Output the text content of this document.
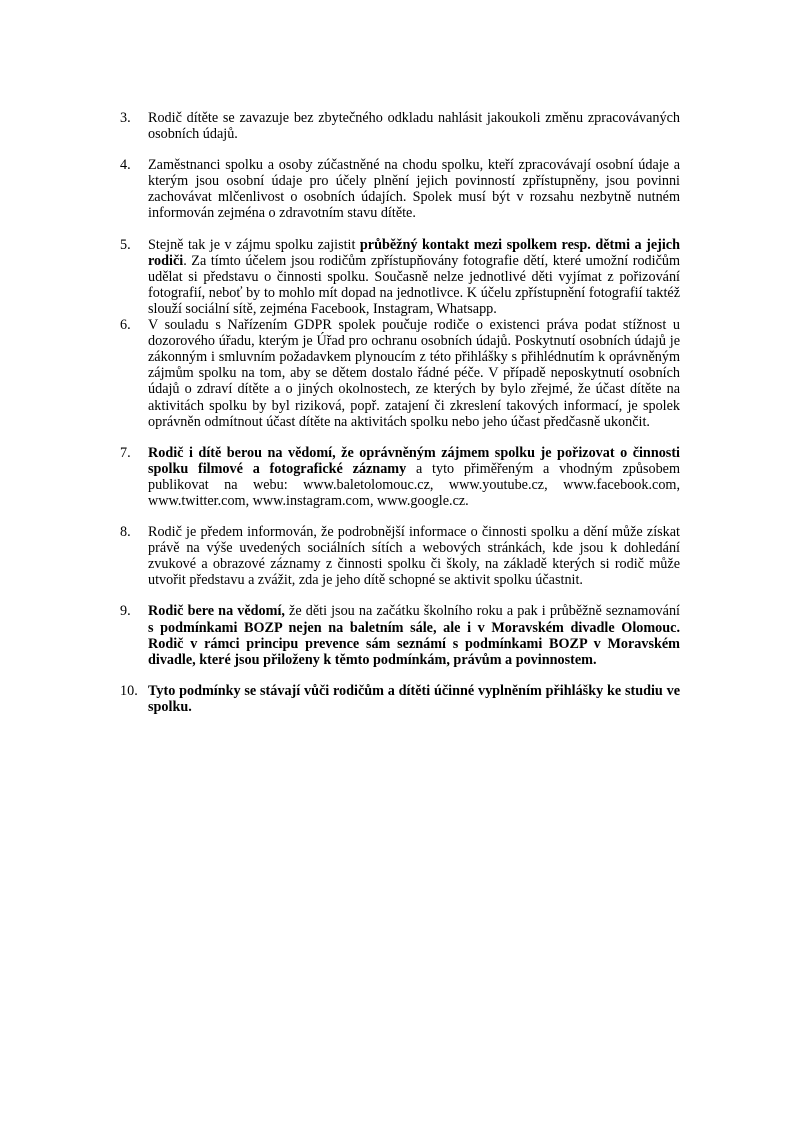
3.	Rodič dítěte se zavazuje bez zbytečného odkladu nahlásit jakoukoli změnu zpracovávaných osobních údajů.
4.	Zaměstnanci spolku a osoby zúčastněné na chodu spolku, kteří zpracovávají osobní údaje a kterým jsou osobní údaje pro účely plnění jejich povinností zpřístupněny, jsou povinni zachovávat mlčenlivost o osobních údajích. Spolek musí být v rozsahu nezbytně nutném informován zejména o zdravotním stavu dítěte.
5.	Stejně tak je v zájmu spolku zajistit průběžný kontakt mezi spolkem resp. dětmi a jejich rodiči. Za tímto účelem jsou rodičům zpřístupňovány fotografie dětí, které umožní rodičům udělat si představu o činnosti spolku. Současně nelze jednotlivé děti vyjímat z pořizování fotografií, neboť by to mohlo mít dopad na jednotlivce. K účelu zpřístupnění fotografií taktéž slouží sociální sítě, zejména Facebook, Instagram, Whatsapp.
6.	V souladu s Nařízením GDPR spolek poučuje rodiče o existenci práva podat stížnost u dozorového úřadu, kterým je Úřad pro ochranu osobních údajů. Poskytnutí osobních údajů je zákonným i smluvním požadavkem plynoucím z této přihlášky s přihlédnutím k oprávněným zájmům spolku na tom, aby se dětem dostalo řádné péče. V případě neposkytnutí osobních údajů o zdraví dítěte a o jiných okolnostech, ze kterých by bylo zřejmé, že účast dítěte na aktivitách spolku by byl riziková, popř. zatajení či zkreslení takových informací, je spolek oprávněn odmítnout účast dítěte na aktivitách spolku nebo jeho účast předčasně ukončit.
7.	Rodič i dítě berou na vědomí, že oprávněným zájmem spolku je pořizovat o činnosti spolku filmové a fotografické záznamy a tyto přiměřeným a vhodným způsobem publikovat na webu: www.baletolomouc.cz, www.youtube.cz, www.facebook.com, www.twitter.com, www.instagram.com, www.google.cz.
8.	Rodič je předem informován, že podrobnější informace o činnosti spolku a dění může získat právě na výše uvedených sociálních sítích a webových stránkách, kde jsou k dohledání zvukové a obrazové záznamy z činnosti spolku či školy, na základě kterých si rodič může utvořit představu a zvážit, zda je jeho dítě schopné se aktivit spolku účastnit.
9.	Rodič bere na vědomí, že děti jsou na začátku školního roku a pak i průběžně seznamování s podmínkami BOZP nejen na baletním sále, ale i v Moravském divadle Olomouc. Rodič v rámci principu prevence sám seznámí s podmínkami BOZP v Moravském divadle, které jsou přiloženy k těmto podmínkám, právům a povinnostem.
10. Tyto podmínky se stávají vůči rodičům a dítěti účinné vyplněním přihlášky ke studiu ve spolku.
